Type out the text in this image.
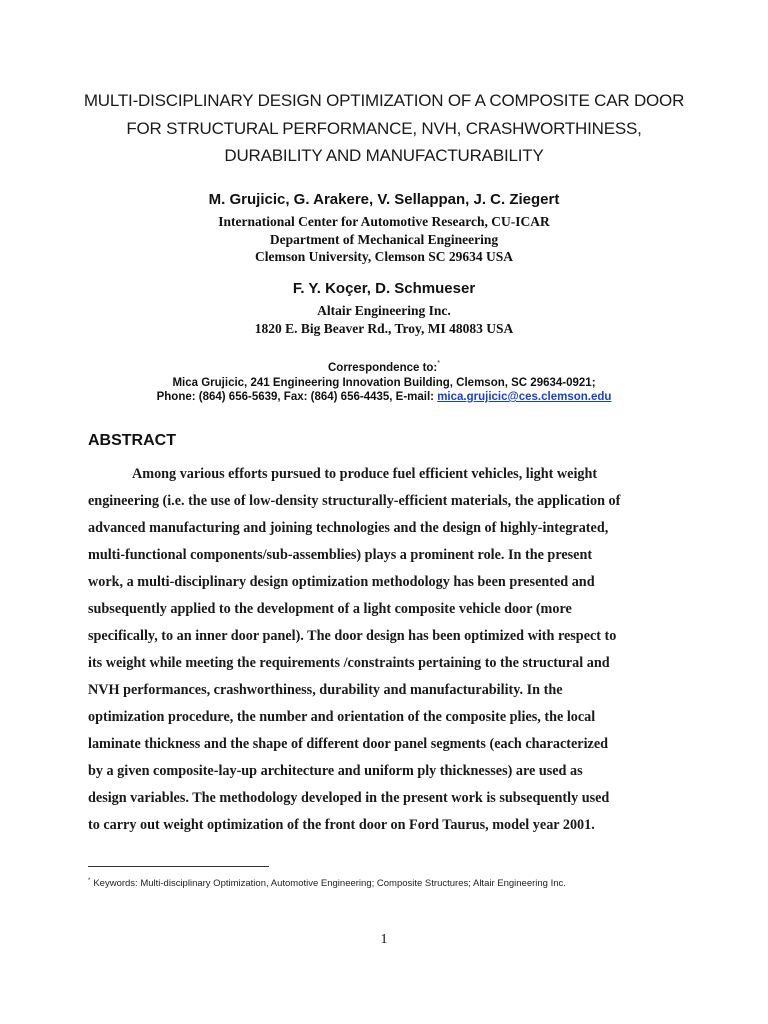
MULTI-DISCIPLINARY DESIGN OPTIMIZATION OF A COMPOSITE CAR DOOR
FOR STRUCTURAL PERFORMANCE, NVH, CRASHWORTHINESS,
DURABILITY AND MANUFACTURABILITY
M. Grujicic, G. Arakere, V. Sellappan, J. C. Ziegert
International Center for Automotive Research, CU-ICAR
Department of Mechanical Engineering
Clemson University, Clemson SC 29634 USA
F. Y. Koçer, D. Schmueser
Altair Engineering Inc.
1820 E. Big Beaver Rd., Troy, MI 48083 USA
Correspondence to:*
Mica Grujicic, 241 Engineering Innovation Building, Clemson, SC 29634-0921;
Phone: (864) 656-5639, Fax: (864) 656-4435, E-mail: mica.grujicic@ces.clemson.edu
ABSTRACT
Among various efforts pursued to produce fuel efficient vehicles, light weight
engineering (i.e. the use of low-density structurally-efficient materials, the application of
advanced manufacturing and joining technologies and the design of highly-integrated,
multi-functional components/sub-assemblies) plays a prominent role. In the present
work, a multi-disciplinary design optimization methodology has been presented and
subsequently applied to the development of a light composite vehicle door (more
specifically, to an inner door panel). The door design has been optimized with respect to
its weight while meeting the requirements /constraints pertaining to the structural and
NVH performances, crashworthiness, durability and manufacturability. In the
optimization procedure, the number and orientation of the composite plies, the local
laminate thickness and the shape of different door panel segments (each characterized
by a given composite-lay-up architecture and uniform ply thicknesses) are used as
design variables. The methodology developed in the present work is subsequently used
to carry out weight optimization of the front door on Ford Taurus, model year 2001.
* Keywords: Multi-disciplinary Optimization, Automotive Engineering; Composite Structures; Altair Engineering Inc.
1
